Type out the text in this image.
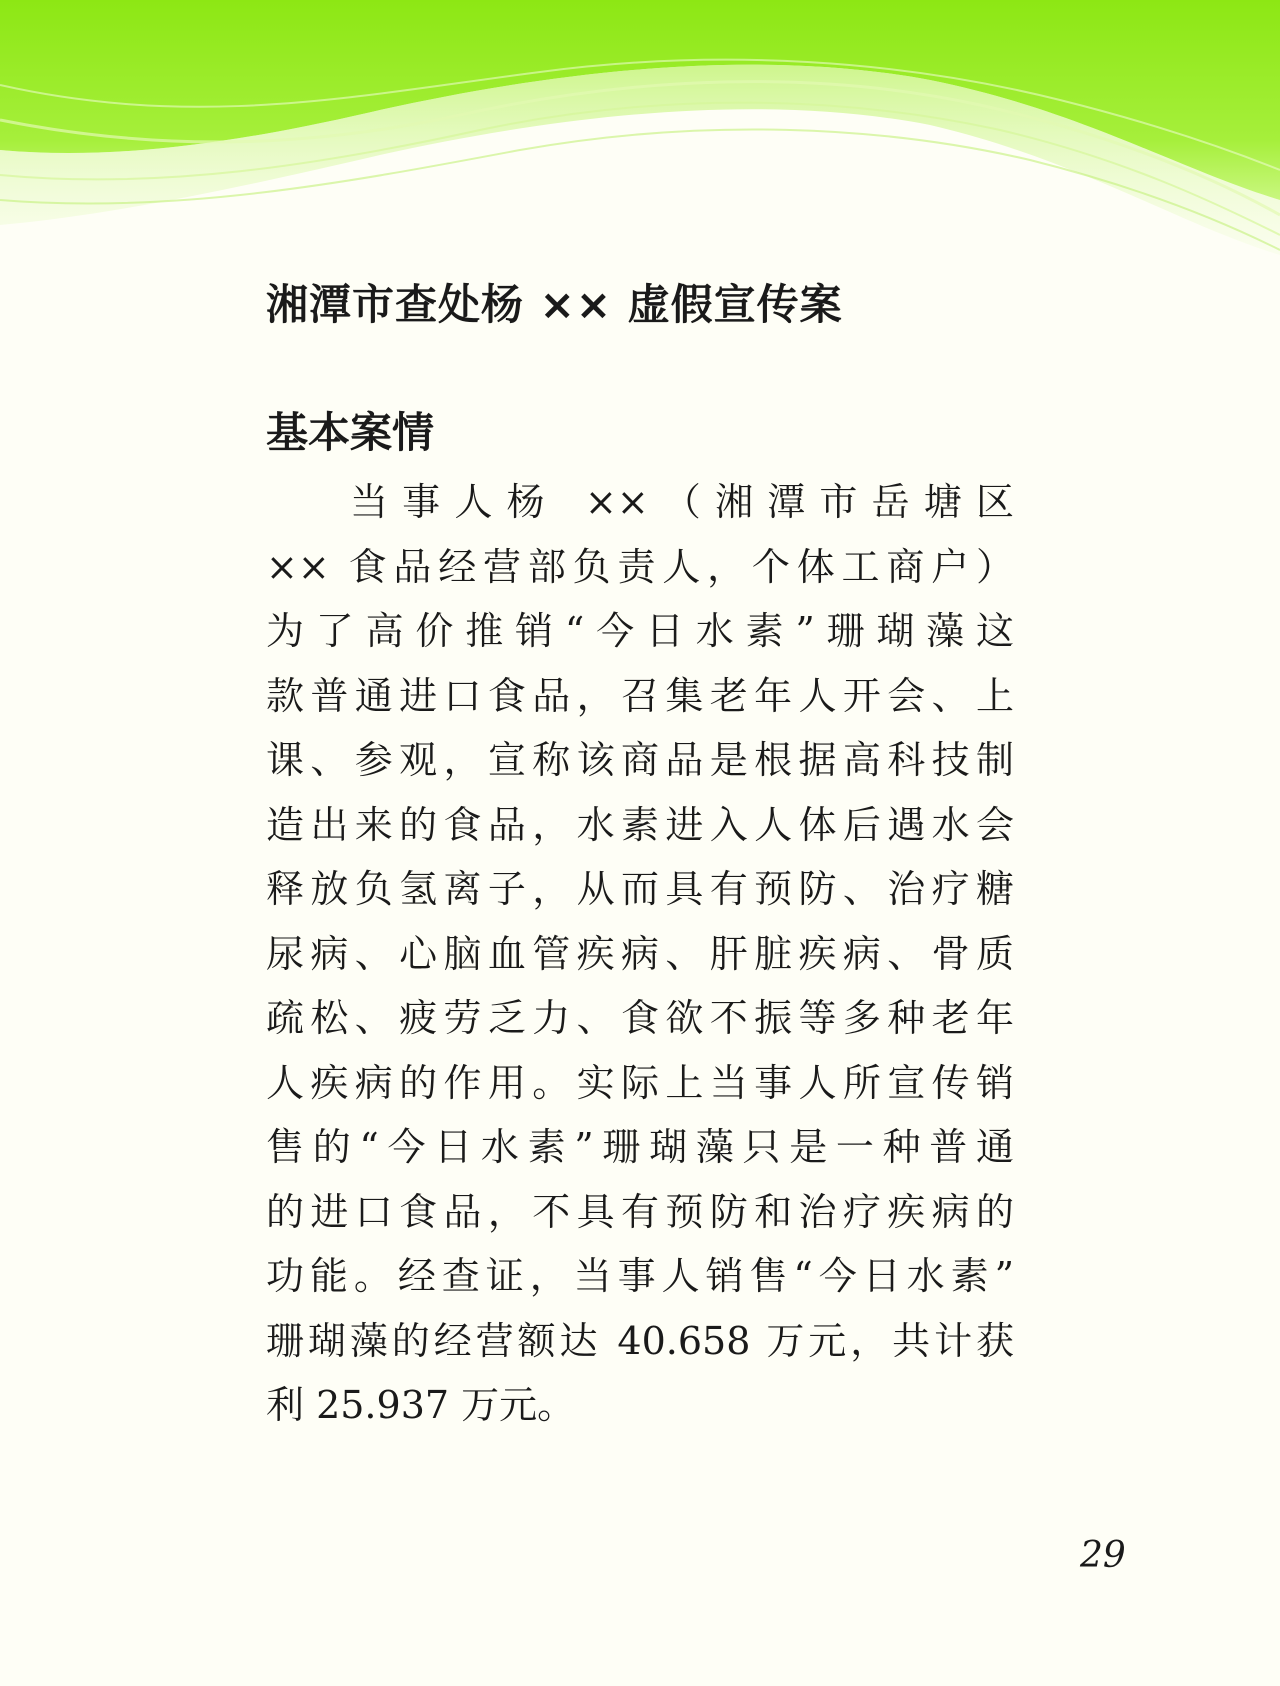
湘潭市查处杨 ×× 虚假宣传案
基本案情
当事人杨 ××（湘潭市岳塘区
×× 食品经营部负责人，个体工商户）
为了高价推销“今日水素”珊瑚藻这
款普通进口食品，召集老年人开会、上
课、参观，宣称该商品是根据高科技制
造出来的食品，水素进入人体后遇水会
释放负氢离子，从而具有预防、治疗糖
尿病、心脑血管疾病、肝脏疾病、骨质
疏松、疲劳乏力、食欲不振等多种老年
人疾病的作用。实际上当事人所宣传销
售的“今日水素”珊瑚藻只是一种普通
的进口食品，不具有预防和治疗疾病的
功能。经查证，当事人销售“今日水素”
珊瑚藻的经营额达 40.658 万元，共计获
利 25.937 万元。
29
